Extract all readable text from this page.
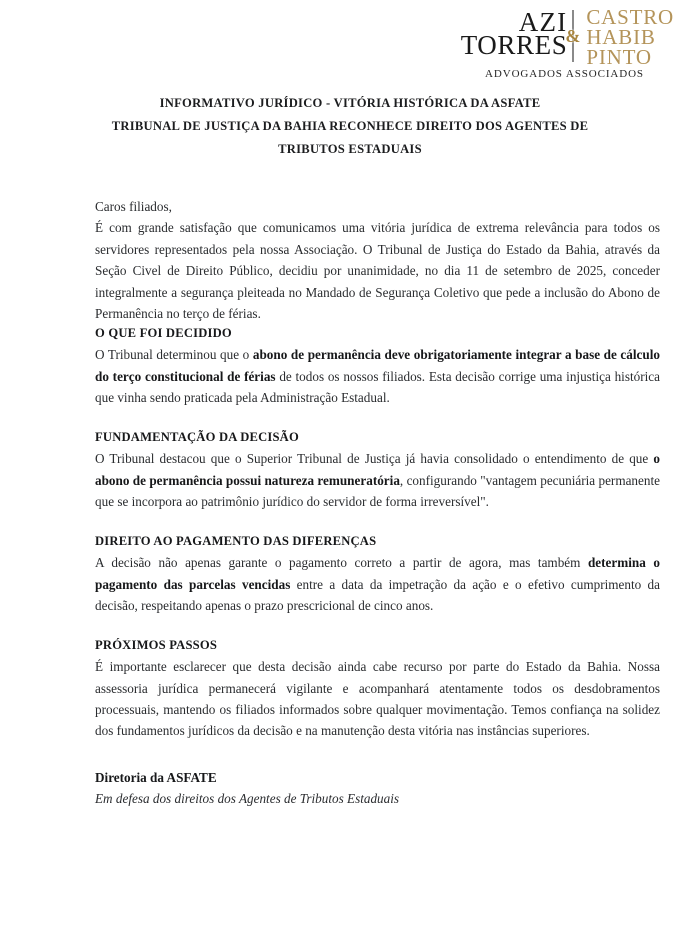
AZI
TORRES
&
CASTRO
HABIB
PINTO
ADVOGADOS ASSOCIADOS
INFORMATIVO JURÍDICO - VITÓRIA HISTÓRICA DA ASFATE
TRIBUNAL DE JUSTIÇA DA BAHIA RECONHECE DIREITO DOS AGENTES DE
TRIBUTOS ESTADUAIS

Caros filiados,

É com grande satisfação que comunicamos uma vitória jurídica de extrema relevância para todos os servidores representados pela nossa Associação. O Tribunal de Justiça do Estado da Bahia, através da Seção Civel de Direito Público, decidiu por unanimidade, no dia 11 de setembro de 2025, conceder integralmente a segurança pleiteada no Mandado de Segurança Coletivo que pede a inclusão do Abono de Permanência no terço de férias.

O QUE FOI DECIDIDO

O Tribunal determinou que o abono de permanência deve obrigatoriamente integrar a base de cálculo do terço constitucional de férias de todos os nossos filiados. Esta decisão corrige uma injustiça histórica que vinha sendo praticada pela Administração Estadual.

FUNDAMENTAÇÃO DA DECISÃO

O Tribunal destacou que o Superior Tribunal de Justiça já havia consolidado o entendimento de que o abono de permanência possui natureza remuneratória, configurando "vantagem pecuniária permanente que se incorpora ao patrimônio jurídico do servidor de forma irreversível".

DIREITO AO PAGAMENTO DAS DIFERENÇAS

A decisão não apenas garante o pagamento correto a partir de agora, mas também determina o pagamento das parcelas vencidas entre a data da impetração da ação e o efetivo cumprimento da decisão, respeitando apenas o prazo prescricional de cinco anos.

PRÓXIMOS PASSOS

É importante esclarecer que desta decisão ainda cabe recurso por parte do Estado da Bahia. Nossa assessoria jurídica permanecerá vigilante e acompanhará atentamente todos os desdobramentos processuais, mantendo os filiados informados sobre qualquer movimentação. Temos confiança na solidez dos fundamentos jurídicos da decisão e na manutenção desta vitória nas instâncias superiores.

Diretoria da ASFATE
Em defesa dos direitos dos Agentes de Tributos Estaduais
